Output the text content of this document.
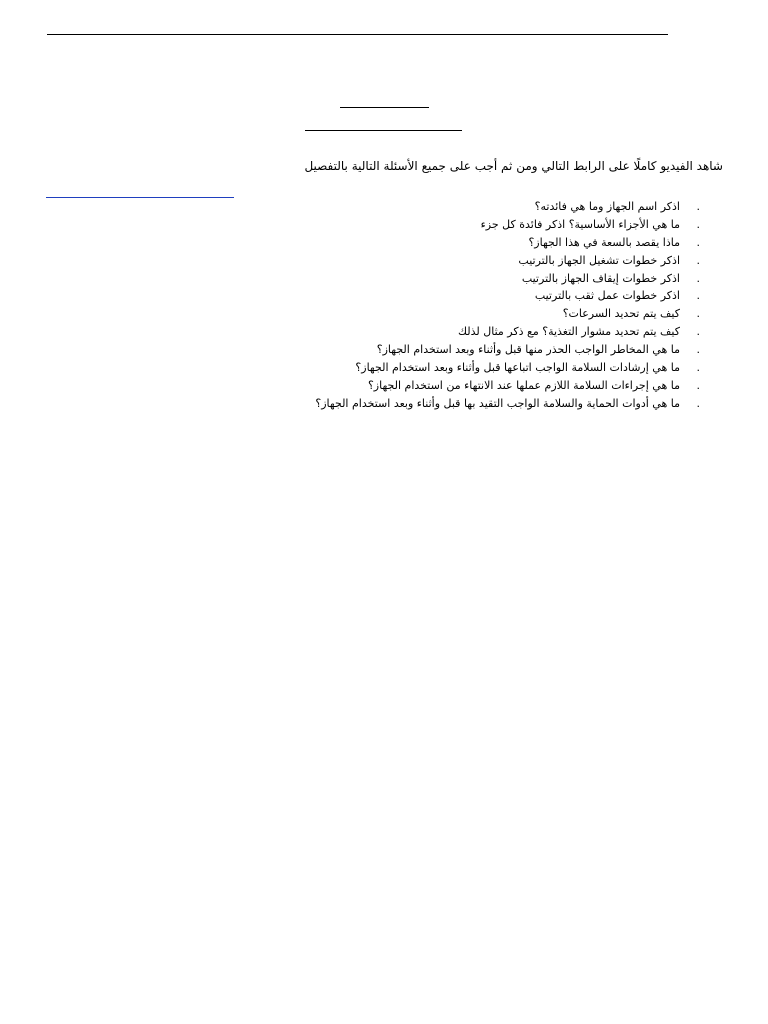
شاهد الفيديو كاملًا على الرابط التالي ومن ثم أجب على جميع الأسئلة التالية بالتفصيل
.
اذكر اسم الجهاز وما هي فائدته؟
.
ما هي الأجزاء الأساسية؟ اذكر فائدة كل جزء
.
ماذا يقصد بالسعة في هذا الجهاز؟
.
اذكر خطوات تشغيل الجهاز بالترتيب
.
اذكر خطوات إيقاف الجهاز بالترتيب
.
اذكر خطوات عمل ثقب بالترتيب
.
كيف يتم تحديد السرعات؟
.
كيف يتم تحديد مشوار التغذية؟ مع ذكر مثال لذلك
.
ما هي المخاطر الواجب الحذر منها قبل وأثناء وبعد استخدام الجهاز؟
.
ما هي إرشادات السلامة الواجب اتباعها قبل وأثناء وبعد استخدام الجهاز؟
.
ما هي إجراءات السلامة اللازم عملها عند الانتهاء من استخدام الجهاز؟
.
ما هي أدوات الحماية والسلامة الواجب التقيد بها قبل وأثناء وبعد استخدام الجهاز؟
